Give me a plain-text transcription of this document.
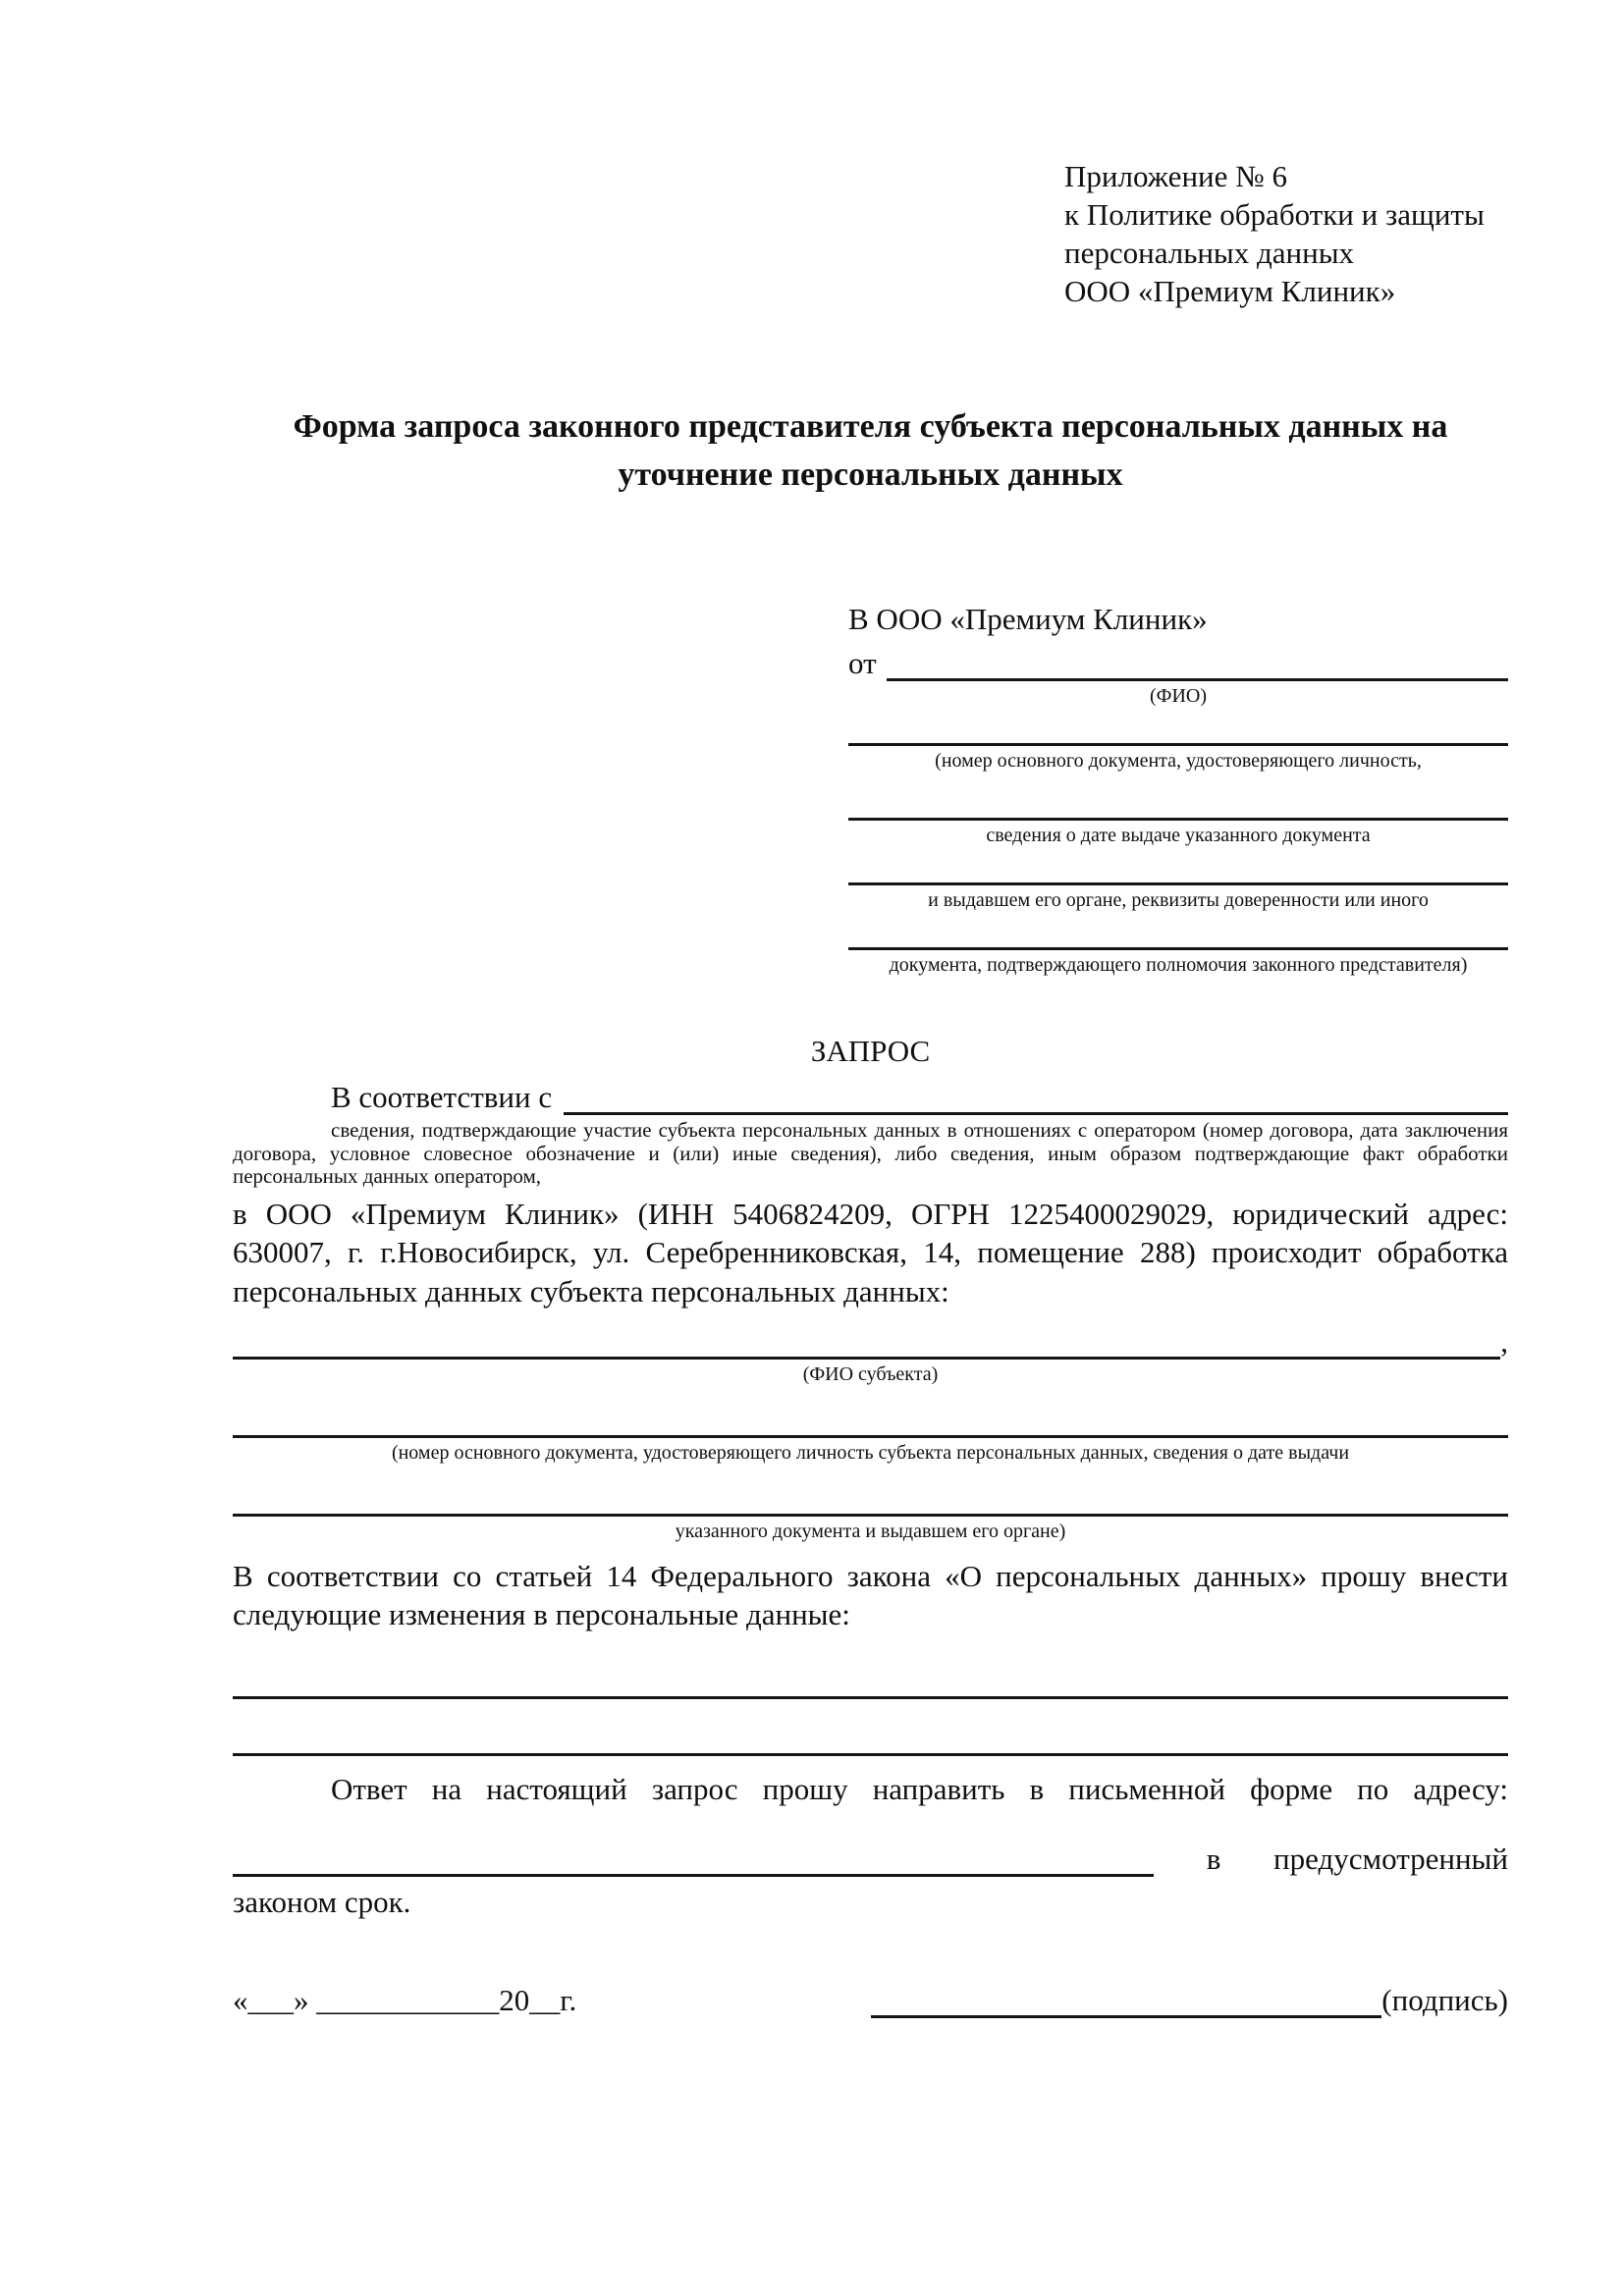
Приложение № 6
к Политике обработки и защиты
персональных данных
ООО «Премиум Клиник»
Форма запроса законного представителя субъекта персональных данных на уточнение персональных данных
В ООО «Премиум Клиник»
от
(ФИО)
(номер основного документа, удостоверяющего личность,
сведения о дате выдаче указанного документа
и выдавшем его органе, реквизиты доверенности или иного
документа, подтверждающего полномочия законного представителя)
ЗАПРОС
В соответствии с

сведения, подтверждающие участие субъекта персональных данных в отношениях с оператором (номер договора, дата заключения договора, условное словесное обозначение и (или) иные сведения), либо сведения, иным образом подтверждающие факт обработки персональных данных оператором,

в ООО «Премиум Клиник» (ИНН 5406824209, ОГРН 1225400029029, юридический адрес: 630007, г. г.Новосибирск, ул. Серебренниковская, 14, помещение 288) происходит обработка персональных данных субъекта персональных данных:

,
(ФИО субъекта)
(номер основного документа, удостоверяющего личность субъекта персональных данных, сведения о дате выдачи
указанного документа и выдавшем его органе)

В соответствии со статьей 14 Федерального закона «О персональных данных» прошу внести следующие изменения в персональные данные:

Ответ на настоящий запрос прошу направить в письменной форме по адресу:

в предусмотренный

законом срок.

«___» ____________20__г.	(подпись)
